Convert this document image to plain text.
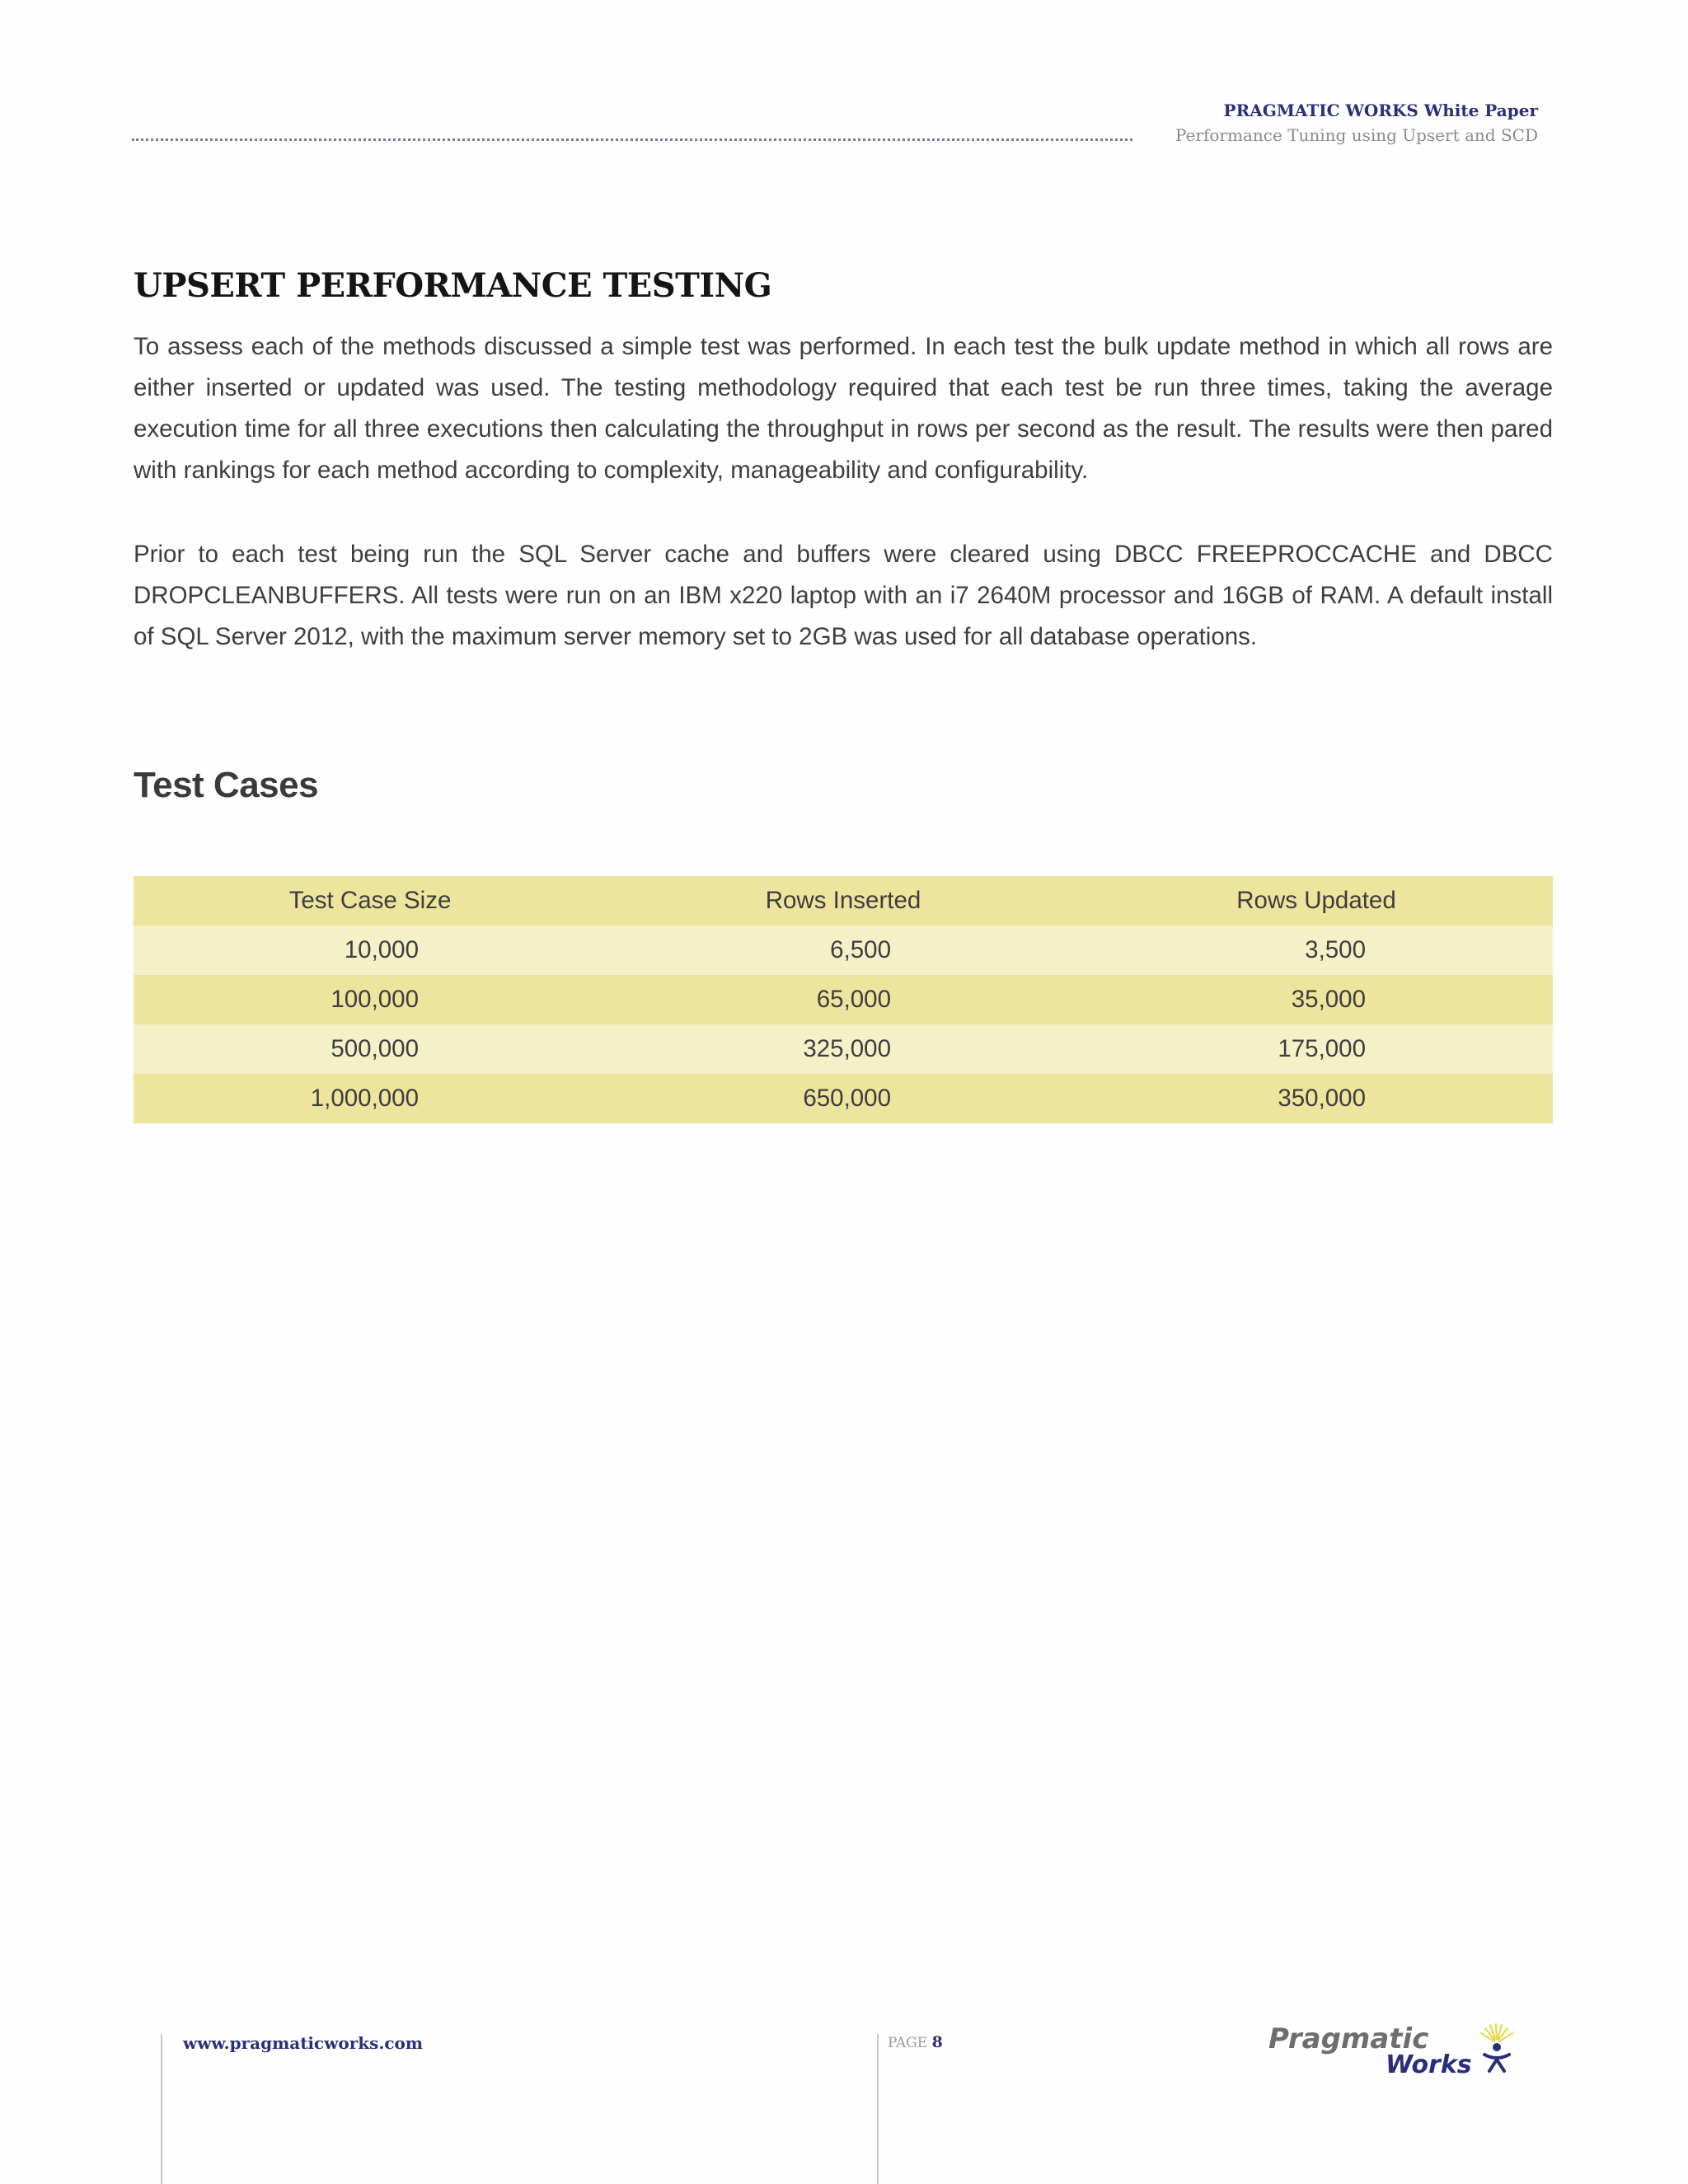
PRAGMATIC WORKS White Paper
Performance Tuning using Upsert and SCD
UPSERT PERFORMANCE TESTING

To assess each of the methods discussed a simple test was performed. In each test the bulk update method in which all rows are either inserted or updated was used. The testing methodology required that each test be run three times, taking the average execution time for all three executions then calculating the throughput in rows per second as the result. The results were then pared with rankings for each method according to complexity, manageability and configurability.

Prior to each test being run the SQL Server cache and buffers were cleared using DBCC FREEPROCCACHE and DBCC DROPCLEANBUFFERS. All tests were run on an IBM x220 laptop with an i7 2640M processor and 16GB of RAM. A default install of SQL Server 2012, with the maximum server memory set to 2GB was used for all database operations.

Test Cases
Test Case Size	Rows Inserted	Rows Updated
10,000	6,500	3,500
100,000	65,000	35,000
500,000	325,000	175,000
1,000,000	650,000	350,000
www.pragmaticworks.com	PAGE 8	Pragmatic
Works
